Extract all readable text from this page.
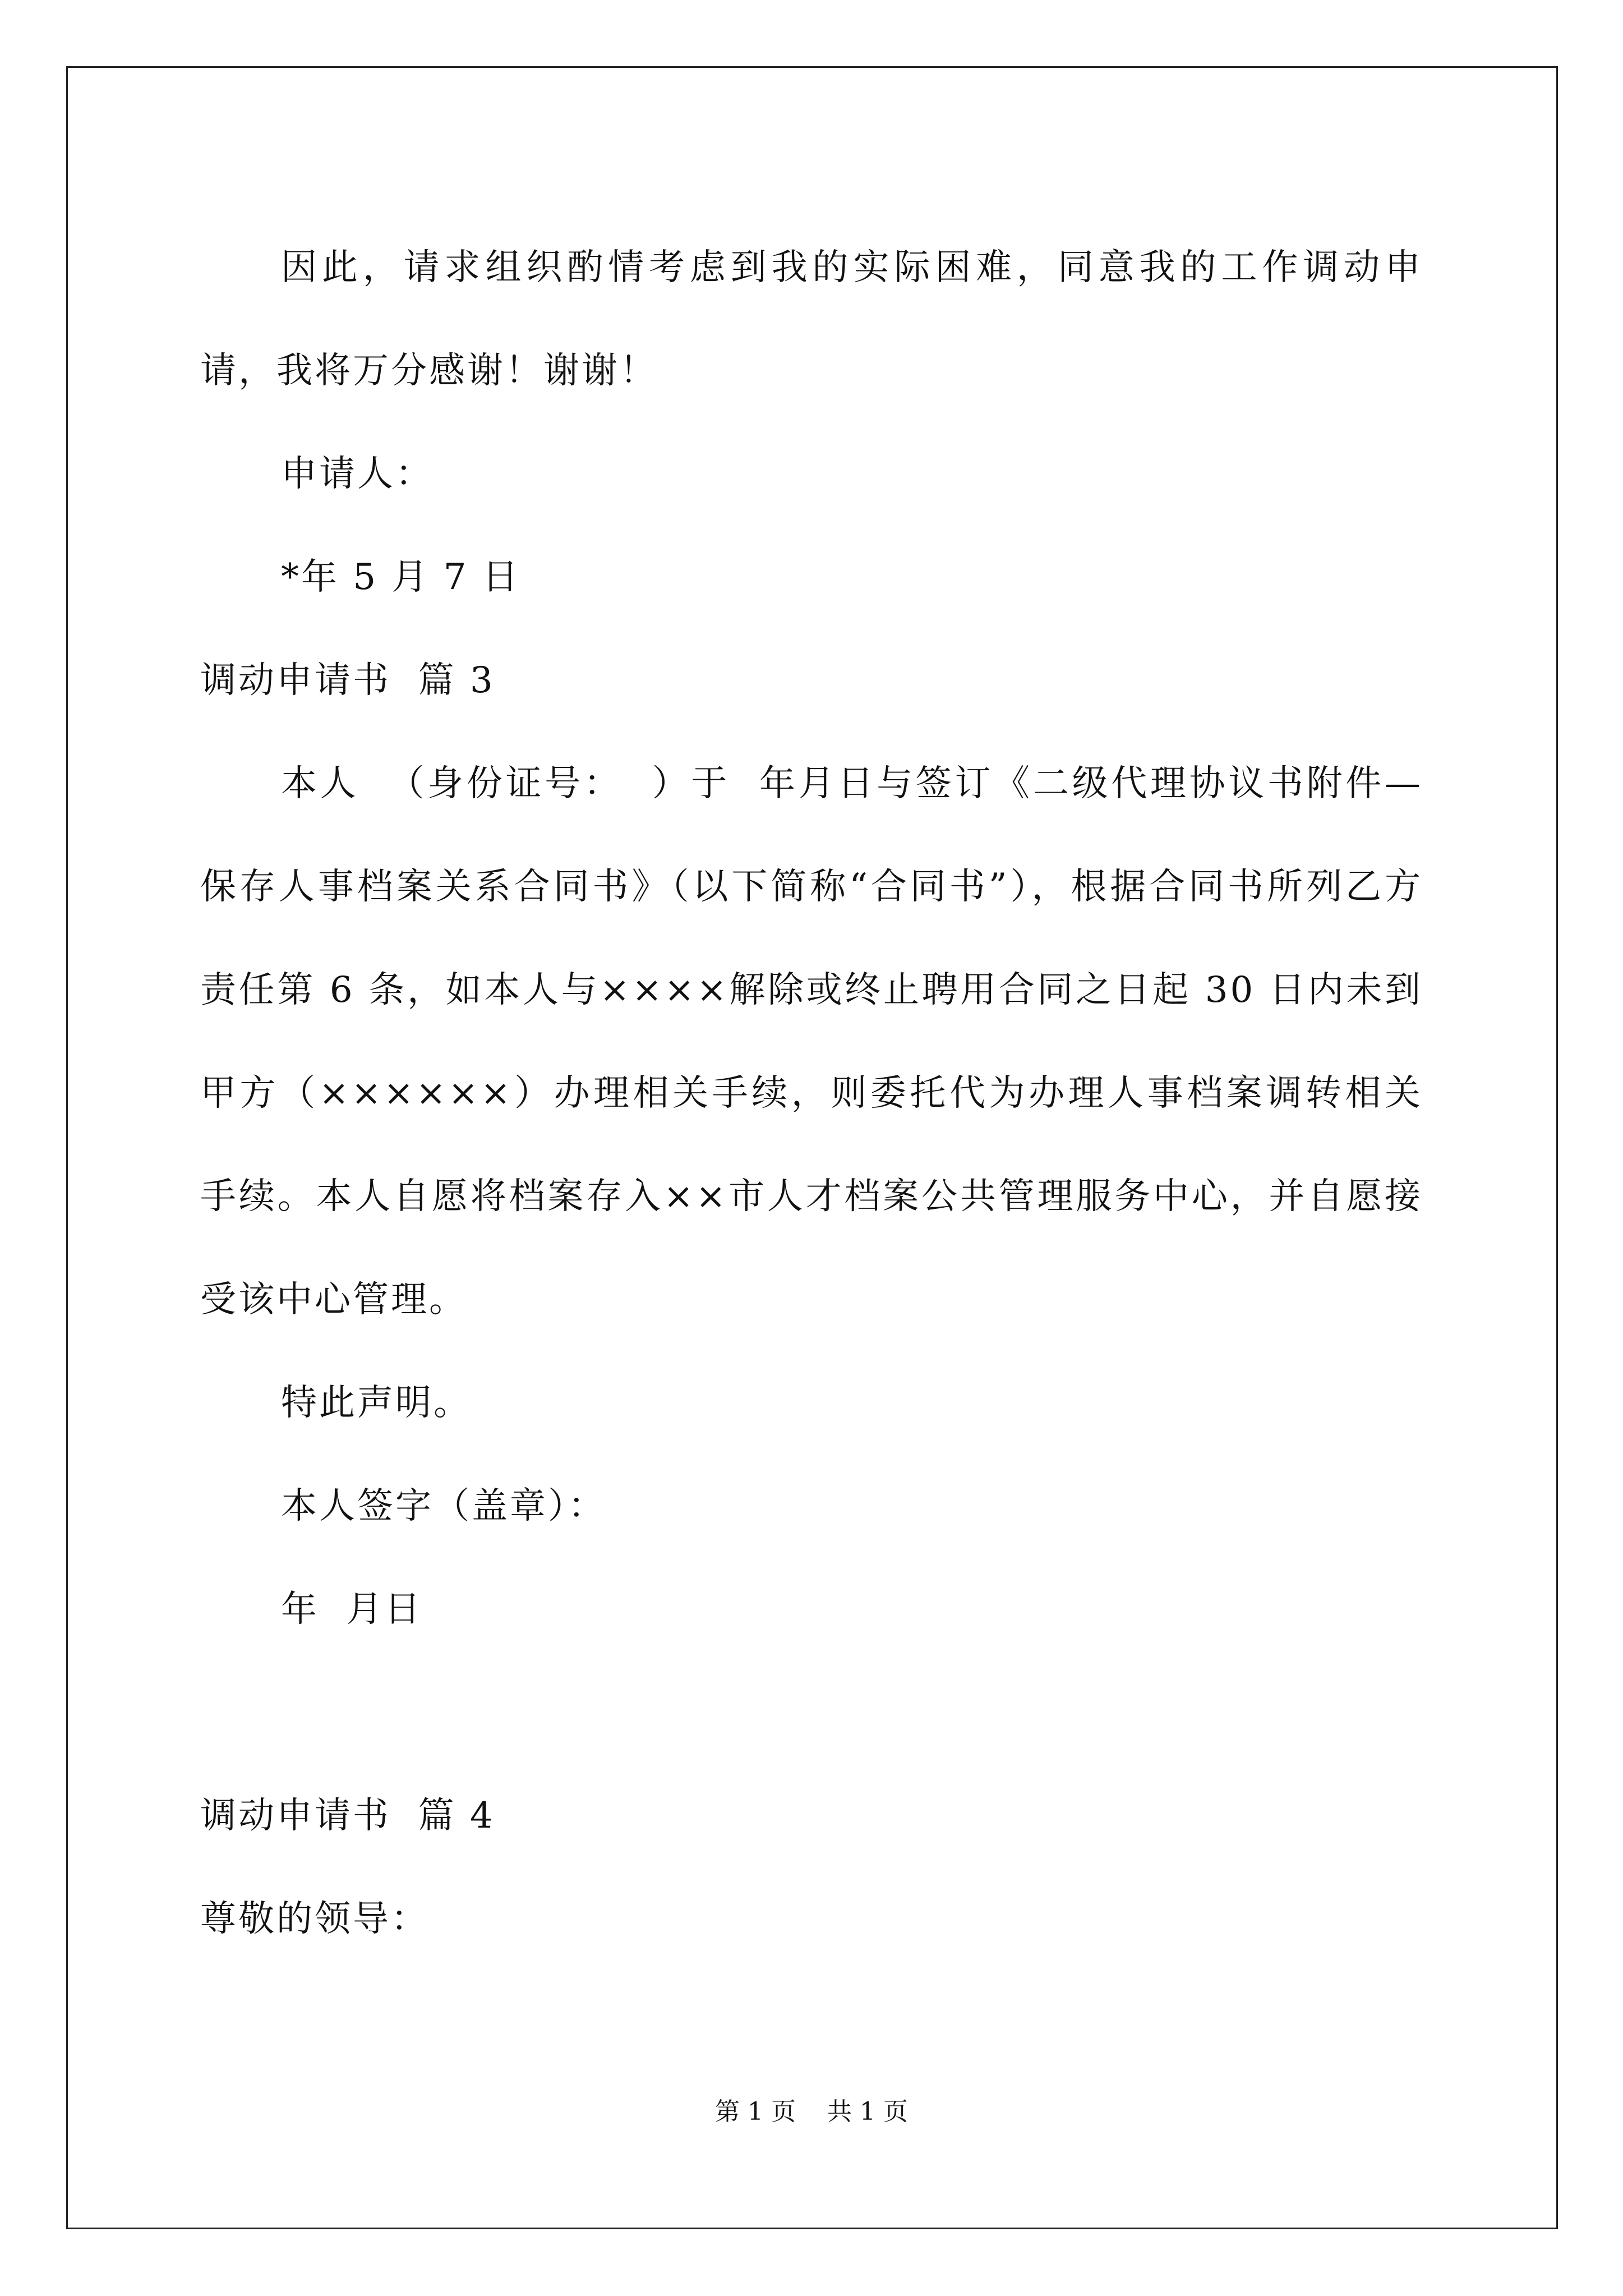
因此，请求组织酌情考虑到我的实际困难，同意我的工作调动申请，我将万分感谢！谢谢！

申请人：

*年 5 月 7 日

调动申请书  篇 3

本人  （身份证号：  ）于  年月日与签订《二级代理协议书附件—保存人事档案关系合同书》（以下简称“合同书”），根据合同书所列乙方责任第 6 条，如本人与××××解除或终止聘用合同之日起 30 日内未到甲方（××××××）办理相关手续，则委托代为办理人事档案调转相关手续。本人自愿将档案存入××市人才档案公共管理服务中心，并自愿接受该中心管理。

特此声明。

本人签字（盖章）：

年  月日

调动申请书  篇 4

尊敬的领导：

第 1 页    共 1 页
